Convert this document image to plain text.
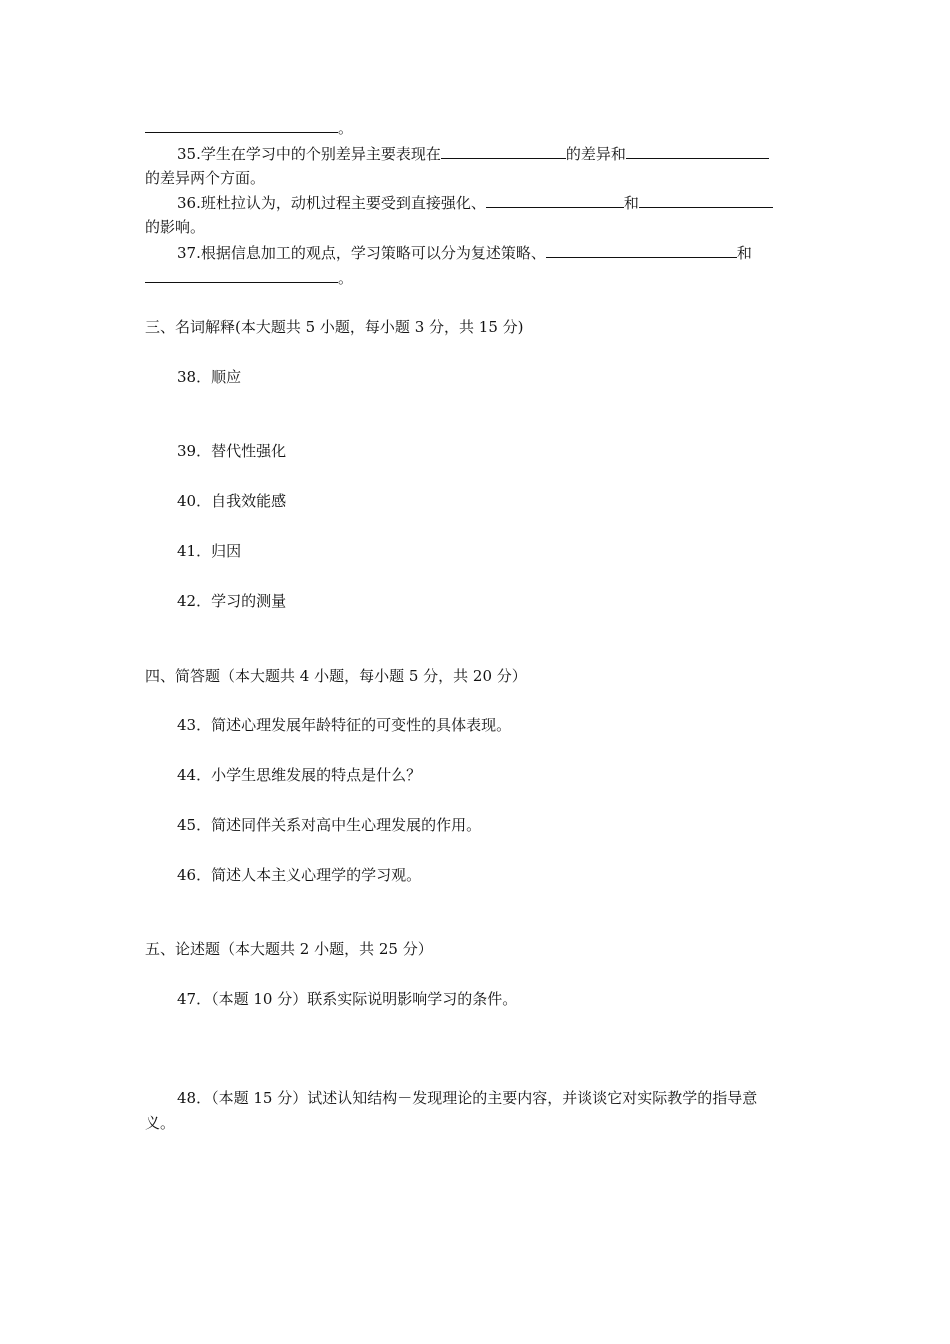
。
35.学生在学习中的个别差异主要表现在	的差异和
的差异两个方面。
36.班杜拉认为，动机过程主要受到直接强化、	和
的影响。
37.根据信息加工的观点，学习策略可以分为复述策略、	和
。
三、名词解释(本大题共 5 小题，每小题 3 分，共 15 分)
38．顺应
39．替代性强化
40．自我效能感
41．归因
42．学习的测量
四、简答题（本大题共 4 小题，每小题 5 分，共 20 分）
43．简述心理发展年龄特征的可变性的具体表现。
44．小学生思维发展的特点是什么？
45．简述同伴关系对高中生心理发展的作用。
46．简述人本主义心理学的学习观。
五、论述题（本大题共 2 小题，共 25 分）
47．（本题 10 分）联系实际说明影响学习的条件。
48．（本题 15 分）试述认知结构－发现理论的主要内容，并谈谈它对实际教学的指导意
义。
